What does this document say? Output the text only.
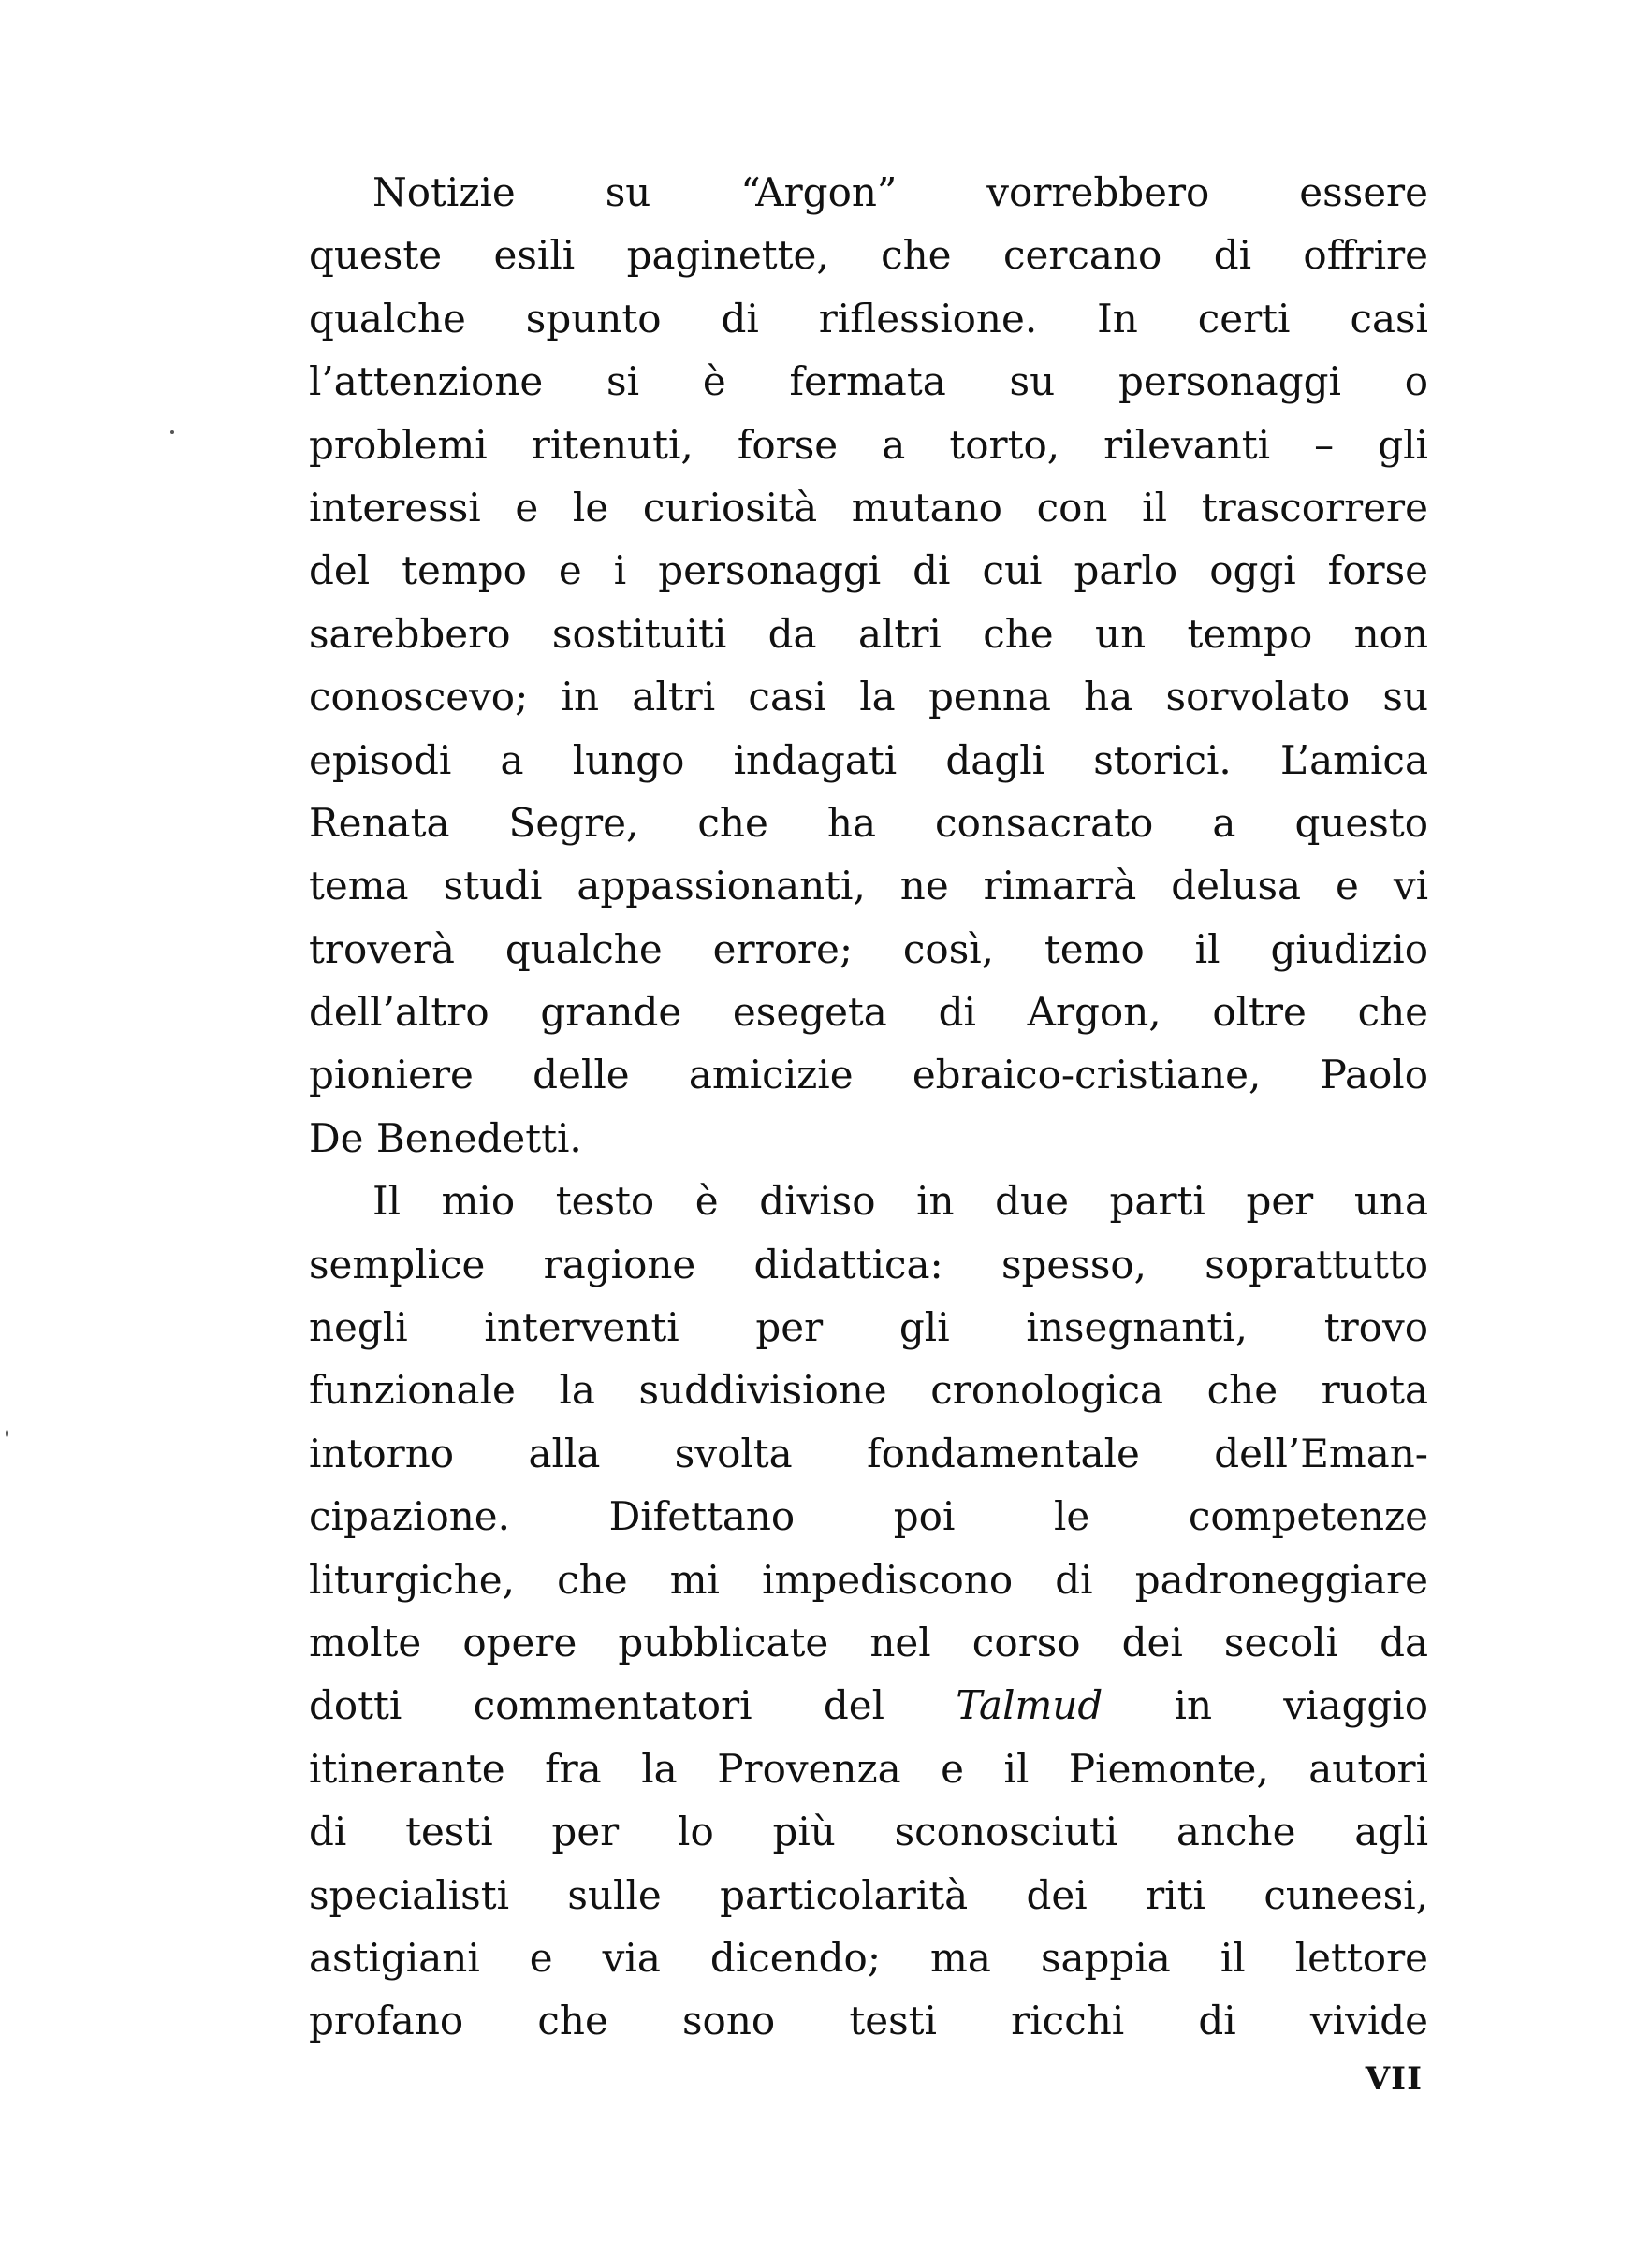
Notizie su “Argon” vorrebbero essere
queste esili paginette, che cercano di offrire
qualche spunto di riflessione. In certi casi
l’attenzione si è fermata su personaggi o
problemi ritenuti, forse a torto, rilevanti – gli
interessi e le curiosità mutano con il trascorrere
del tempo e i personaggi di cui parlo oggi forse
sarebbero sostituiti da altri che un tempo non
conoscevo; in altri casi la penna ha sorvolato su
episodi a lungo indagati dagli storici. L’amica
Renata Segre, che ha consacrato a questo
tema studi appassionanti, ne rimarrà delusa e vi
troverà qualche errore; così, temo il giudizio
dell’altro grande esegeta di Argon, oltre che
pioniere delle amicizie ebraico-cristiane, Paolo
De Benedetti.
Il mio testo è diviso in due parti per una
semplice ragione didattica: spesso, soprattutto
negli interventi per gli insegnanti, trovo
funzionale la suddivisione cronologica che ruota
intorno alla svolta fondamentale dell’Eman-
cipazione. Difettano poi le competenze
liturgiche, che mi impediscono di padroneggiare
molte opere pubblicate nel corso dei secoli da
dotti commentatori del Talmud in viaggio
itinerante fra la Provenza e il Piemonte, autori
di testi per lo più sconosciuti anche agli
specialisti sulle particolarità dei riti cuneesi,
astigiani e via dicendo; ma sappia il lettore
profano che sono testi ricchi di vivide
VII
